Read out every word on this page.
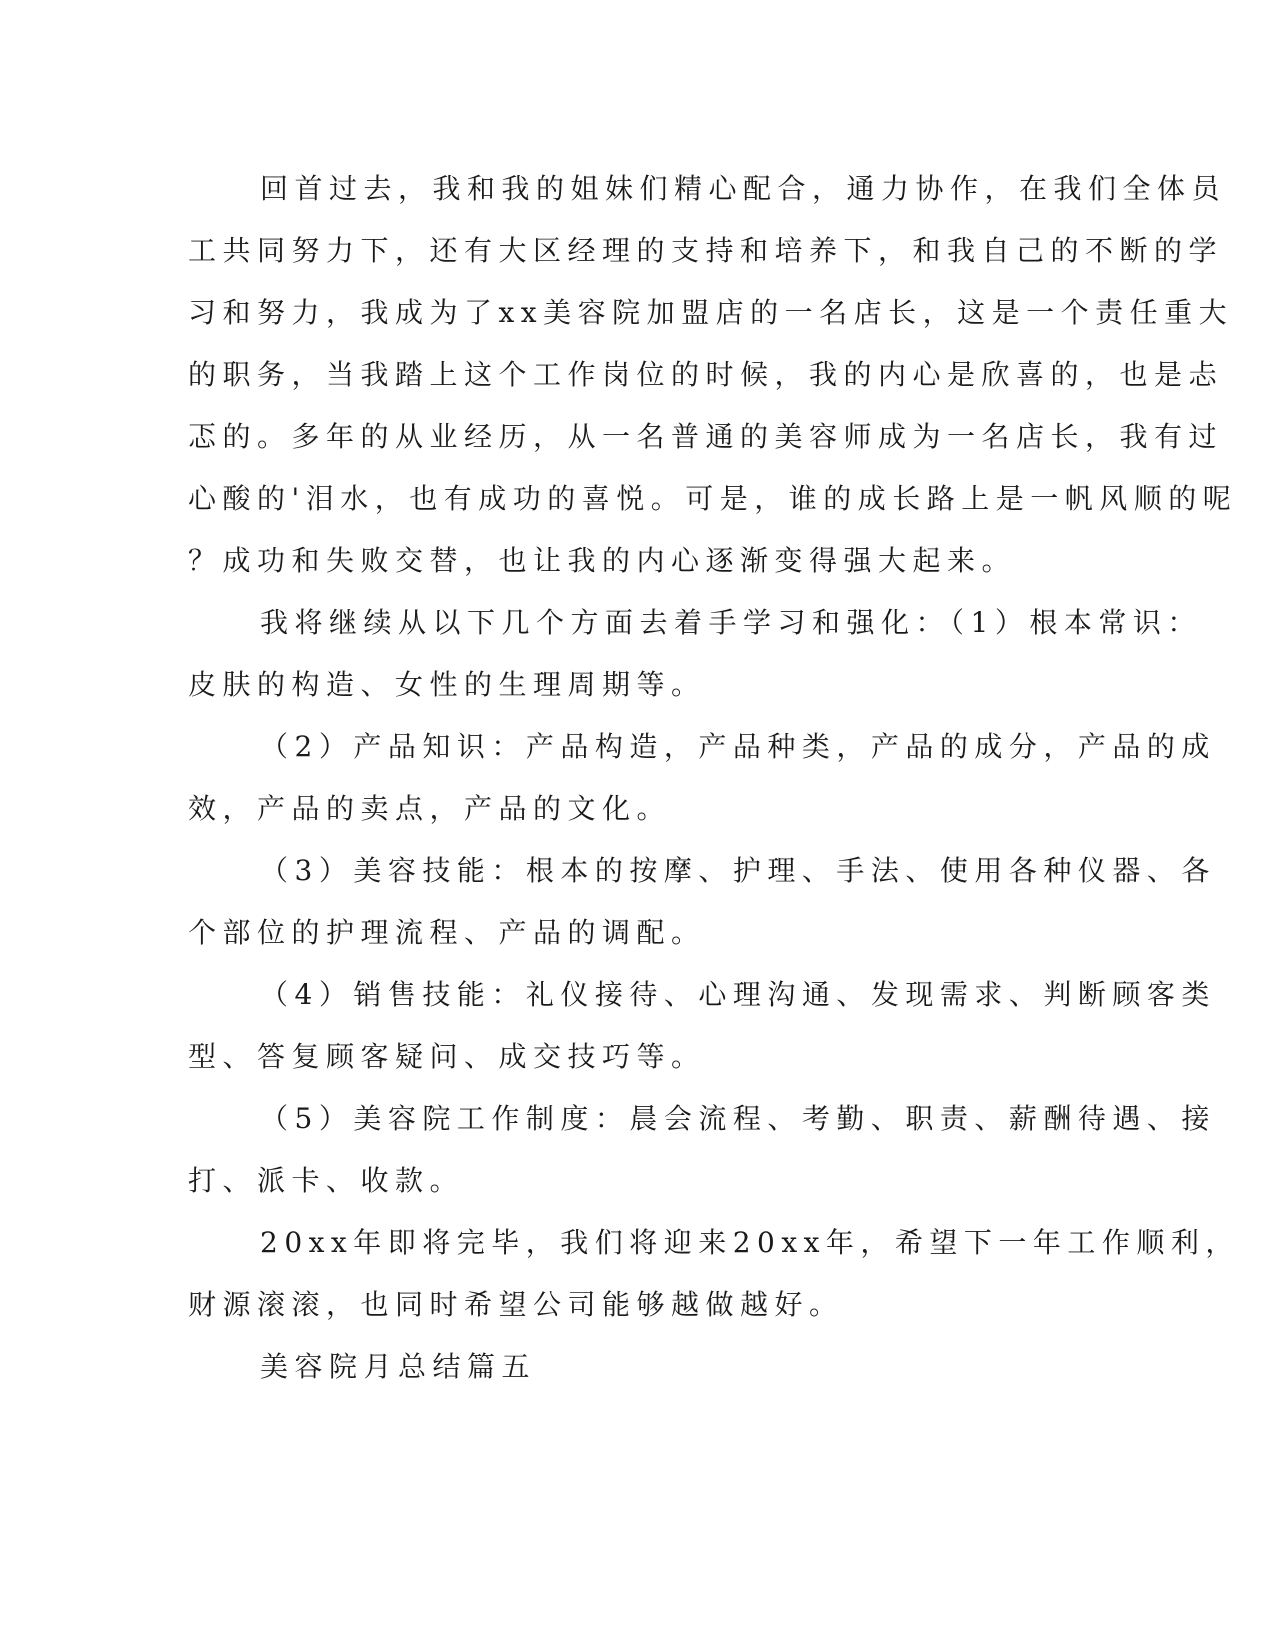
回首过去，我和我的姐妹们精心配合，通力协作，在我们全体员
工共同努力下，还有大区经理的支持和培养下，和我自己的不断的学
习和努力，我成为了xx美容院加盟店的一名店长，这是一个责任重大
的职务，当我踏上这个工作岗位的时候，我的内心是欣喜的，也是忐
忑的。多年的从业经历，从一名普通的美容师成为一名店长，我有过
心酸的'泪水，也有成功的喜悦。可是，谁的成长路上是一帆风顺的呢
？成功和失败交替，也让我的内心逐渐变得强大起来。
我将继续从以下几个方面去着手学习和强化：（1）根本常识：
皮肤的构造、女性的生理周期等。
（2）产品知识：产品构造，产品种类，产品的成分，产品的成
效，产品的卖点，产品的文化。
（3）美容技能：根本的按摩、护理、手法、使用各种仪器、各
个部位的护理流程、产品的调配。
（4）销售技能：礼仪接待、心理沟通、发现需求、判断顾客类
型、答复顾客疑问、成交技巧等。
（5）美容院工作制度：晨会流程、考勤、职责、薪酬待遇、接
打、派卡、收款。
20xx年即将完毕，我们将迎来20xx年，希望下一年工作顺利，
财源滚滚，也同时希望公司能够越做越好。
美容院月总结篇五
